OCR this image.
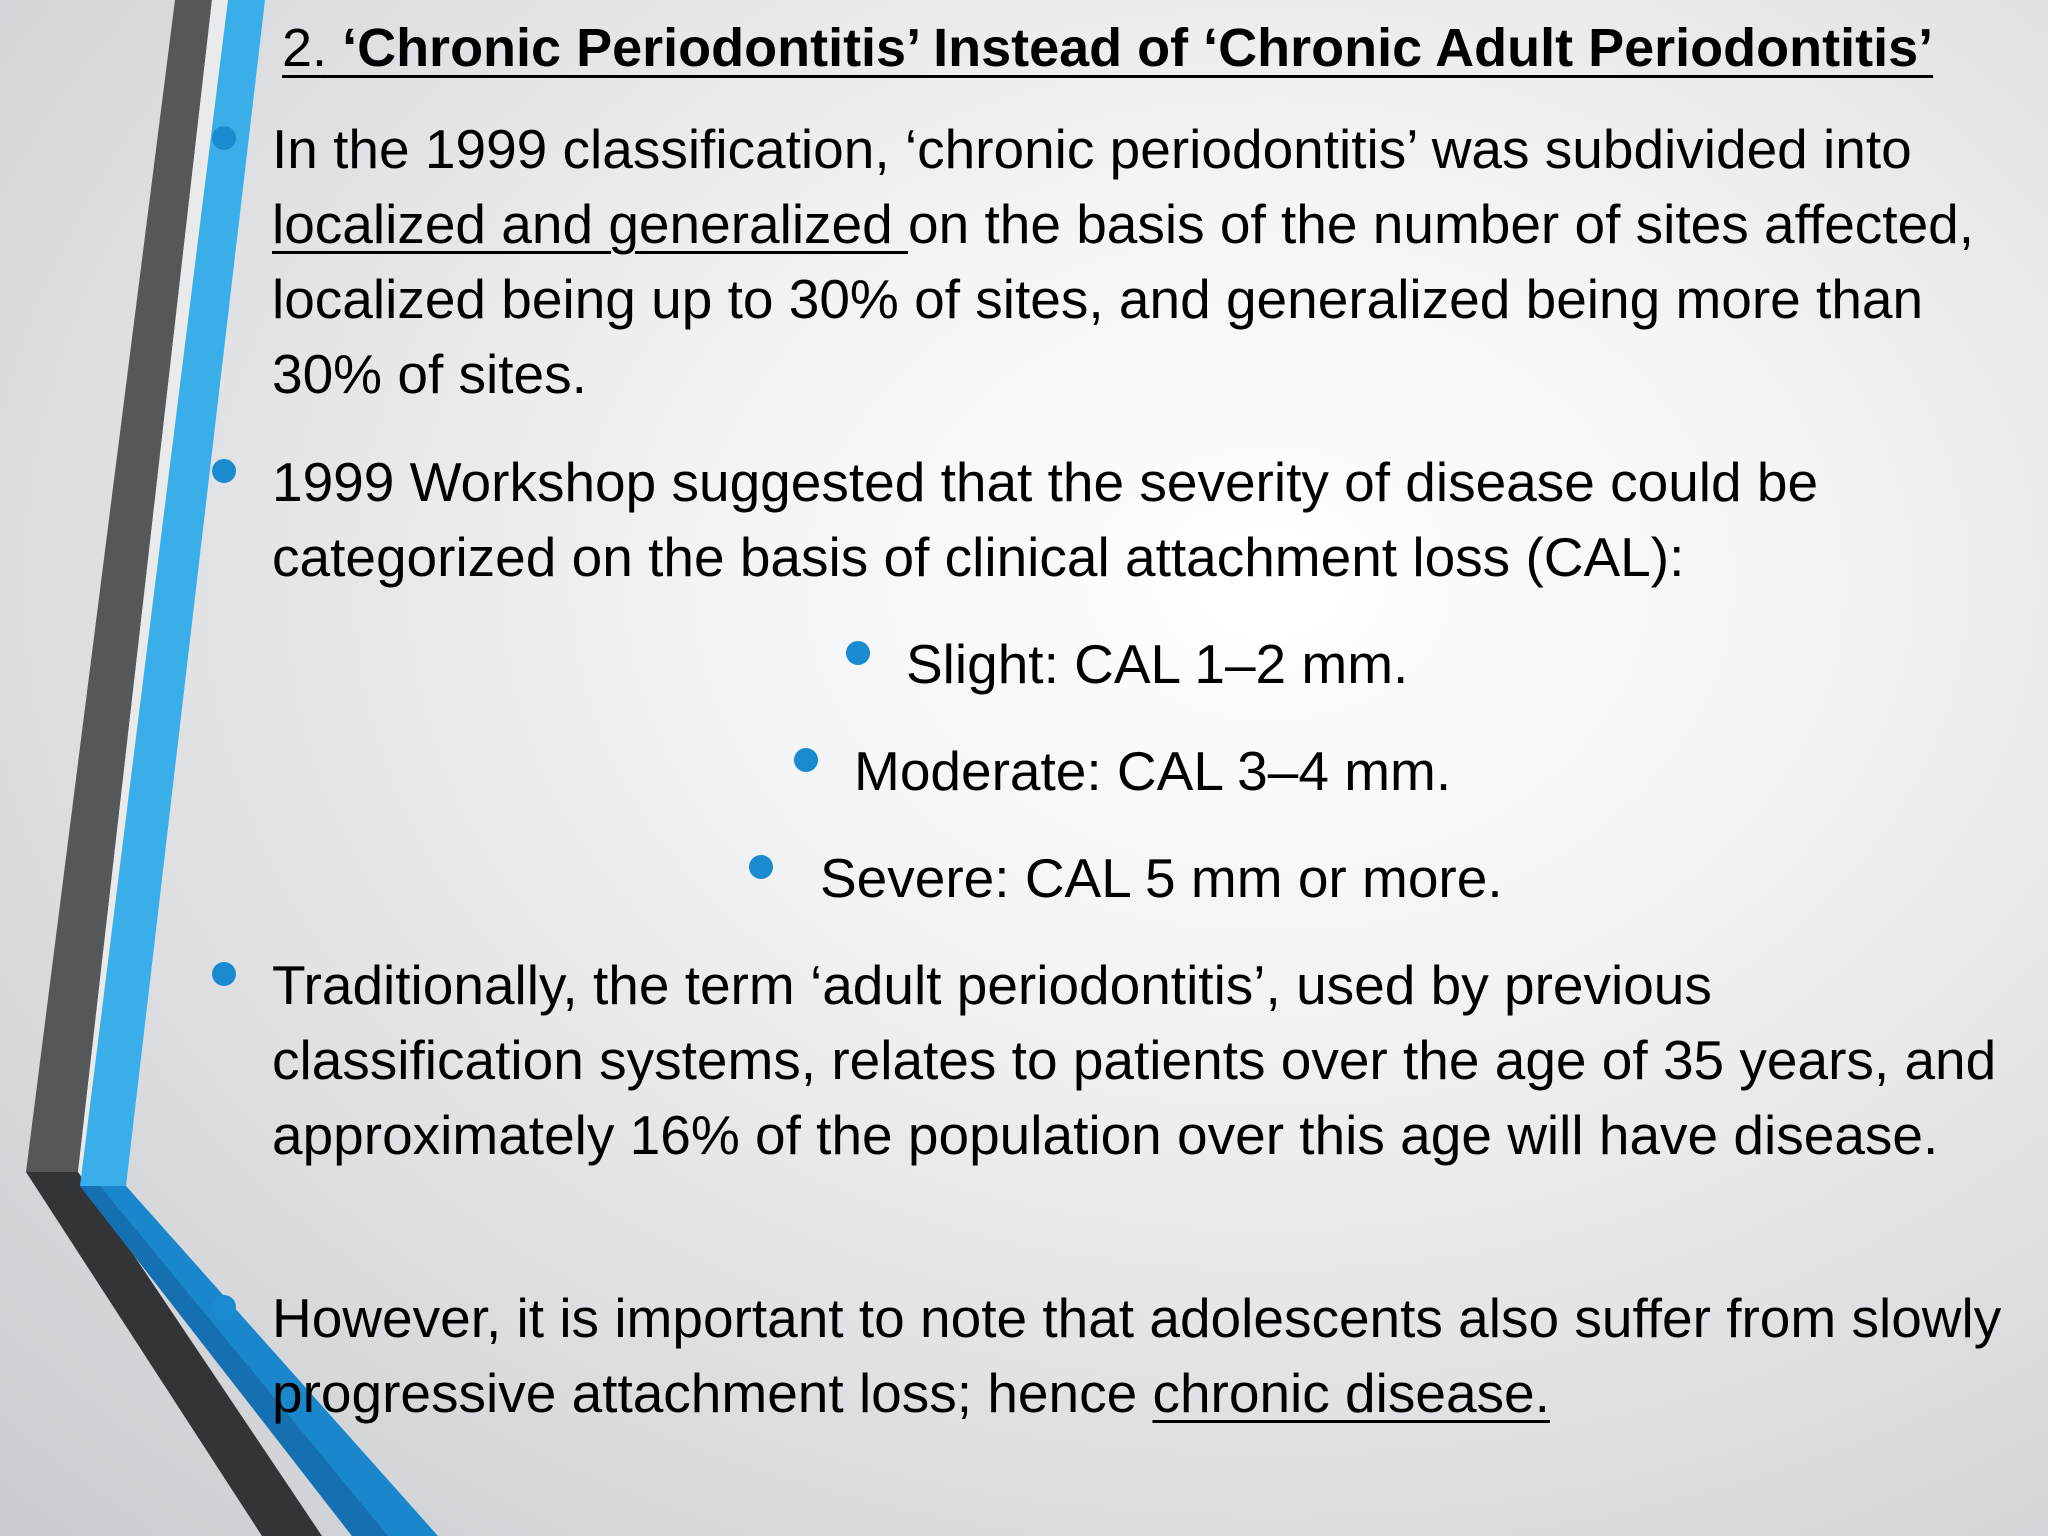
2. ‘Chronic Periodontitis’ Instead of ‘Chronic Adult Periodontitis’

In the 1999 classification, ‘chronic periodontitis’ was subdivided into localized and generalized on the basis of the number of sites affected, localized being up to 30% of sites, and generalized being more than 30% of sites.

1999 Workshop suggested that the severity of disease could be categorized on the basis of clinical attachment loss (CAL):

Slight: CAL 1–2 mm.

Moderate: CAL 3–4 mm.

Severe: CAL 5 mm or more.

Traditionally, the term ‘adult periodontitis’, used by previous classification systems, relates to patients over the age of 35 years, and approximately 16% of the population over this age will have disease.

However, it is important to note that adolescents also suffer from slowly progressive attachment loss; hence chronic disease.
